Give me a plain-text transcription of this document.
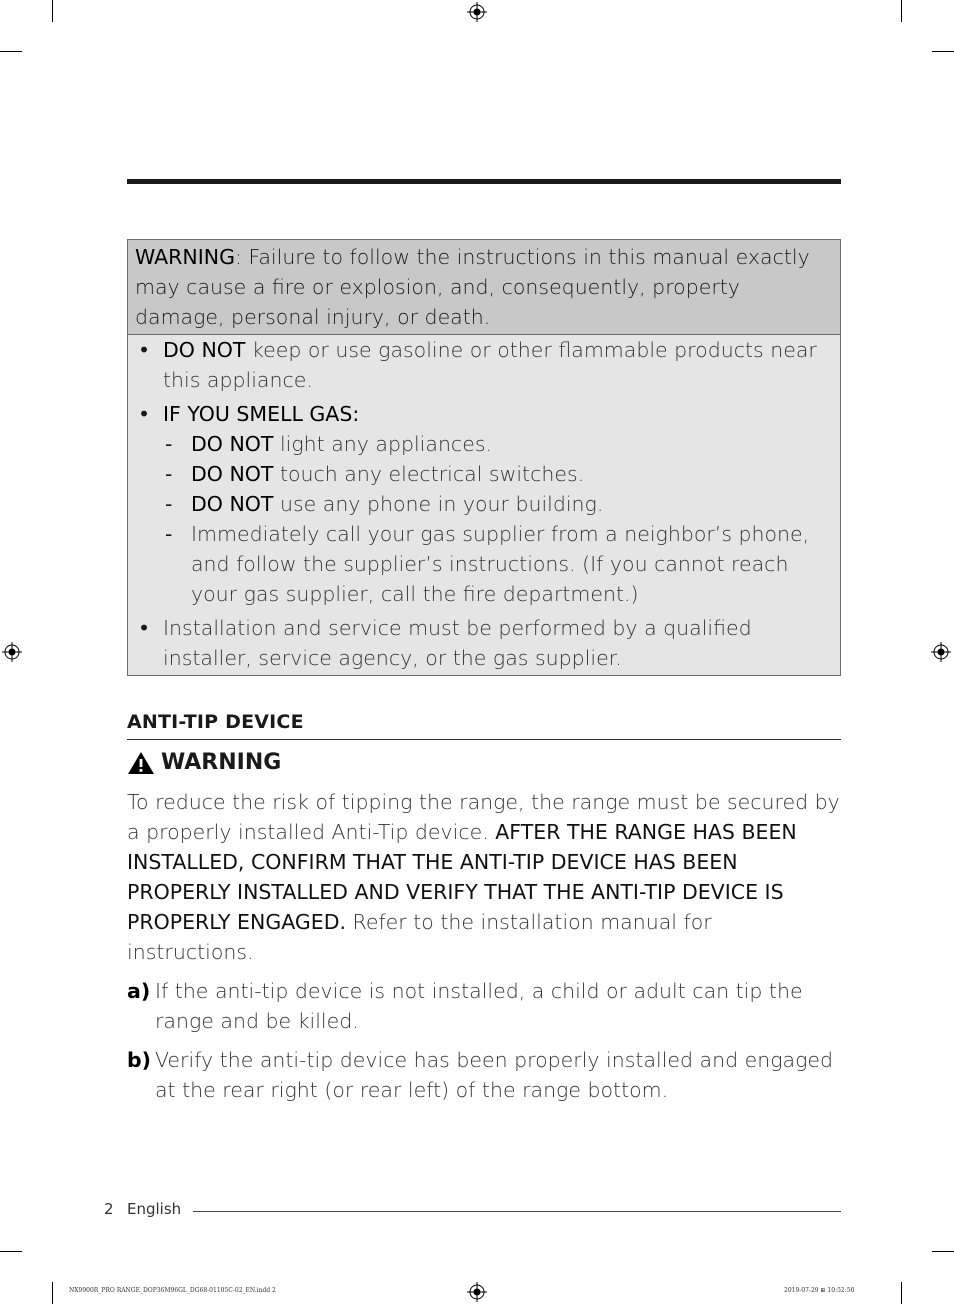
WARNING: Failure to follow the instructions in this manual exactly may cause a fire or explosion, and, consequently, property damage, personal injury, or death.
• DO NOT keep or use gasoline or other flammable products near this appliance.
• IF YOU SMELL GAS:
- DO NOT light any appliances.
- DO NOT touch any electrical switches.
- DO NOT use any phone in your building.
- Immediately call your gas supplier from a neighbor’s phone, and follow the supplier’s instructions. (If you cannot reach your gas supplier, call the fire department.)
• Installation and service must be performed by a qualified installer, service agency, or the gas supplier.
ANTI-TIP DEVICE
WARNING
To reduce the risk of tipping the range, the range must be secured by a properly installed Anti-Tip device. AFTER THE RANGE HAS BEEN INSTALLED, CONFIRM THAT THE ANTI-TIP DEVICE HAS BEEN PROPERLY INSTALLED AND VERIFY THAT THE ANTI-TIP DEVICE IS PROPERLY ENGAGED. Refer to the installation manual for instructions.
a) If the anti-tip device is not installed, a child or adult can tip the range and be killed.
b) Verify the anti-tip device has been properly installed and engaged at the rear right (or rear left) of the range bottom.
2 English
NX9900R_PRO RANGE_DOP36M96GL_DG68-01105C-02_EN.indd 2	2019-07-29 ⊞ 10:52:50
